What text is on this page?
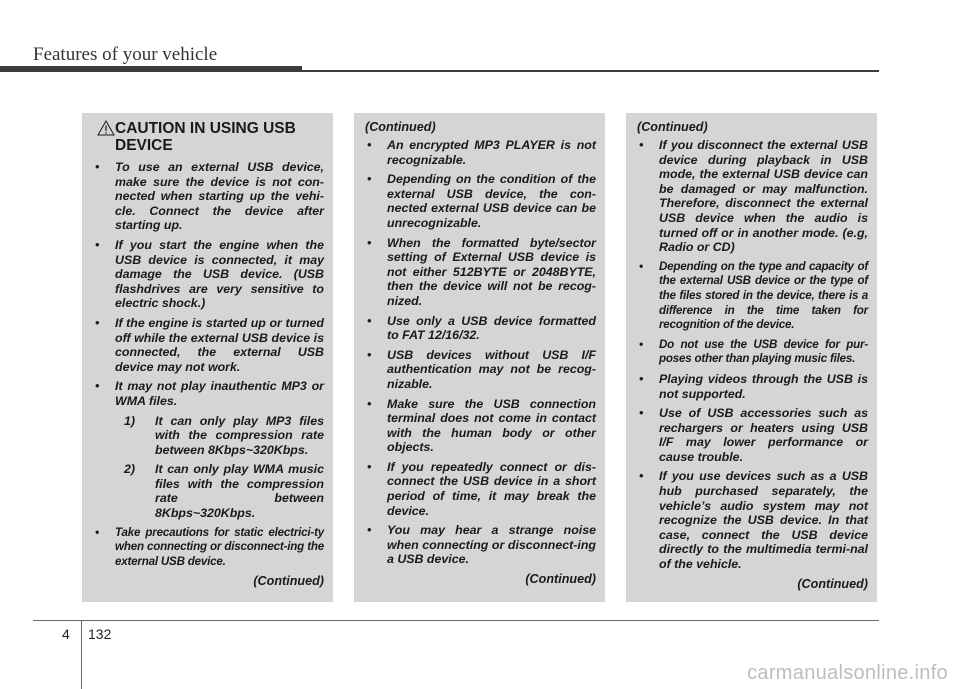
Features of your vehicle
CAUTION IN USING USB DEVICE
• To use an external USB device, make sure the device is not con-nected when starting up the vehi-cle. Connect the device after starting up.
• If you start the engine when the USB device is connected, it may damage the USB device. (USB flashdrives are very sensitive to electric shock.)
• If the engine is started up or turned off while the external USB device is connected, the external USB device may not work.
• It may not play inauthentic MP3 or WMA files.
1) It can only play MP3 files with the compression rate between 8Kbps~320Kbps.
2) It can only play WMA music files with the compression rate between 8Kbps~320Kbps.
• Take precautions for static electrici-ty when connecting or disconnect-ing the external USB device.
(Continued)
(Continued)
• An encrypted MP3 PLAYER is not recognizable.
• Depending on the condition of the external USB device, the con-nected external USB device can be unrecognizable.
• When the formatted byte/sector setting of External USB device is not either 512BYTE or 2048BYTE, then the device will not be recog-nized.
• Use only a USB device formatted to FAT 12/16/32.
• USB devices without USB I/F authentication may not be recog-nizable.
• Make sure the USB connection terminal does not come in contact with the human body or other objects.
• If you repeatedly connect or dis-connect the USB device in a short period of time, it may break the device.
• You may hear a strange noise when connecting or disconnect-ing a USB device.
(Continued)
(Continued)
• If you disconnect the external USB device during playback in USB mode, the external USB device can be damaged or may malfunction. Therefore, disconnect the external USB device when the audio is turned off or in another mode. (e.g, Radio or CD)
• Depending on the type and capacity of the external USB device or the type of the files stored in the device, there is a difference in the time taken for recognition of the device.
• Do not use the USB device for pur-poses other than playing music files.
• Playing videos through the USB is not supported.
• Use of USB accessories such as rechargers or heaters using USB I/F may lower performance or cause trouble.
• If you use devices such as a USB hub purchased separately, the vehicle’s audio system may not recognize the USB device. In that case, connect the USB device directly to the multimedia termi-nal of the vehicle.
(Continued)
4 132
carmanualsonline.info
